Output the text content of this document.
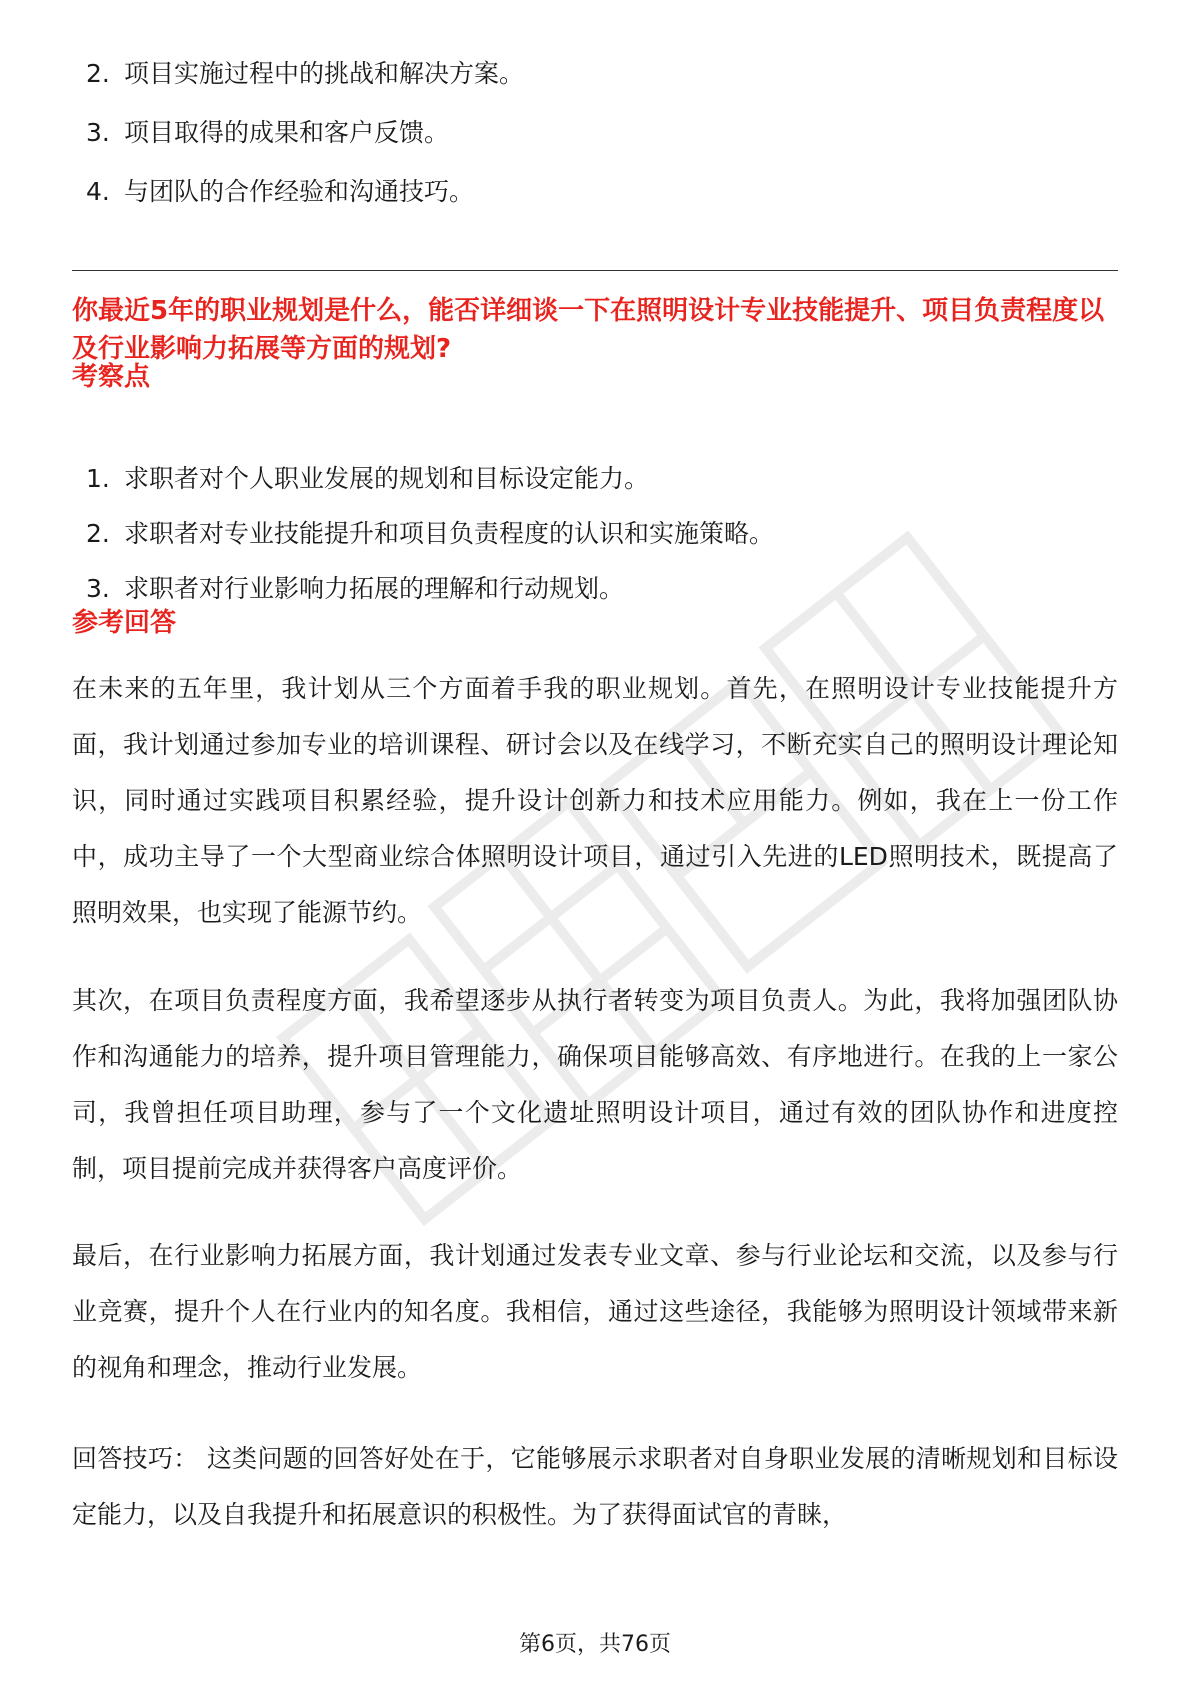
2. 项目实施过程中的挑战和解决方案。
3. 项目取得的成果和客户反馈。
4. 与团队的合作经验和沟通技巧。
你最近5年的职业规划是什么，能否详细谈一下在照明设计专业技能提升、项目负责程度以及行业影响力拓展等方面的规划?
考察点
1. 求职者对个人职业发展的规划和目标设定能力。
2. 求职者对专业技能提升和项目负责程度的认识和实施策略。
3. 求职者对行业影响力拓展的理解和行动规划。
参考回答

在未来的五年里，我计划从三个方面着手我的职业规划。首先，在照明设计专业技能提升方面，我计划通过参加专业的培训课程、研讨会以及在线学习，不断充实自己的照明设计理论知识，同时通过实践项目积累经验，提升设计创新力和技术应用能力。例如，我在上一份工作中，成功主导了一个大型商业综合体照明设计项目，通过引入先进的LED照明技术，既提高了照明效果，也实现了能源节约。

其次，在项目负责程度方面，我希望逐步从执行者转变为项目负责人。为此，我将加强团队协作和沟通能力的培养，提升项目管理能力，确保项目能够高效、有序地进行。在我的上一家公司，我曾担任项目助理，参与了一个文化遗址照明设计项目，通过有效的团队协作和进度控制，项目提前完成并获得客户高度评价。

最后，在行业影响力拓展方面，我计划通过发表专业文章、参与行业论坛和交流，以及参与行业竞赛，提升个人在行业内的知名度。我相信，通过这些途径，我能够为照明设计领域带来新的视角和理念，推动行业发展。

回答技巧： 这类问题的回答好处在于，它能够展示求职者对自身职业发展的清晰规划和目标设定能力，以及自我提升和拓展意识的积极性。为了获得面试官的青睐，

第6页，共76页
